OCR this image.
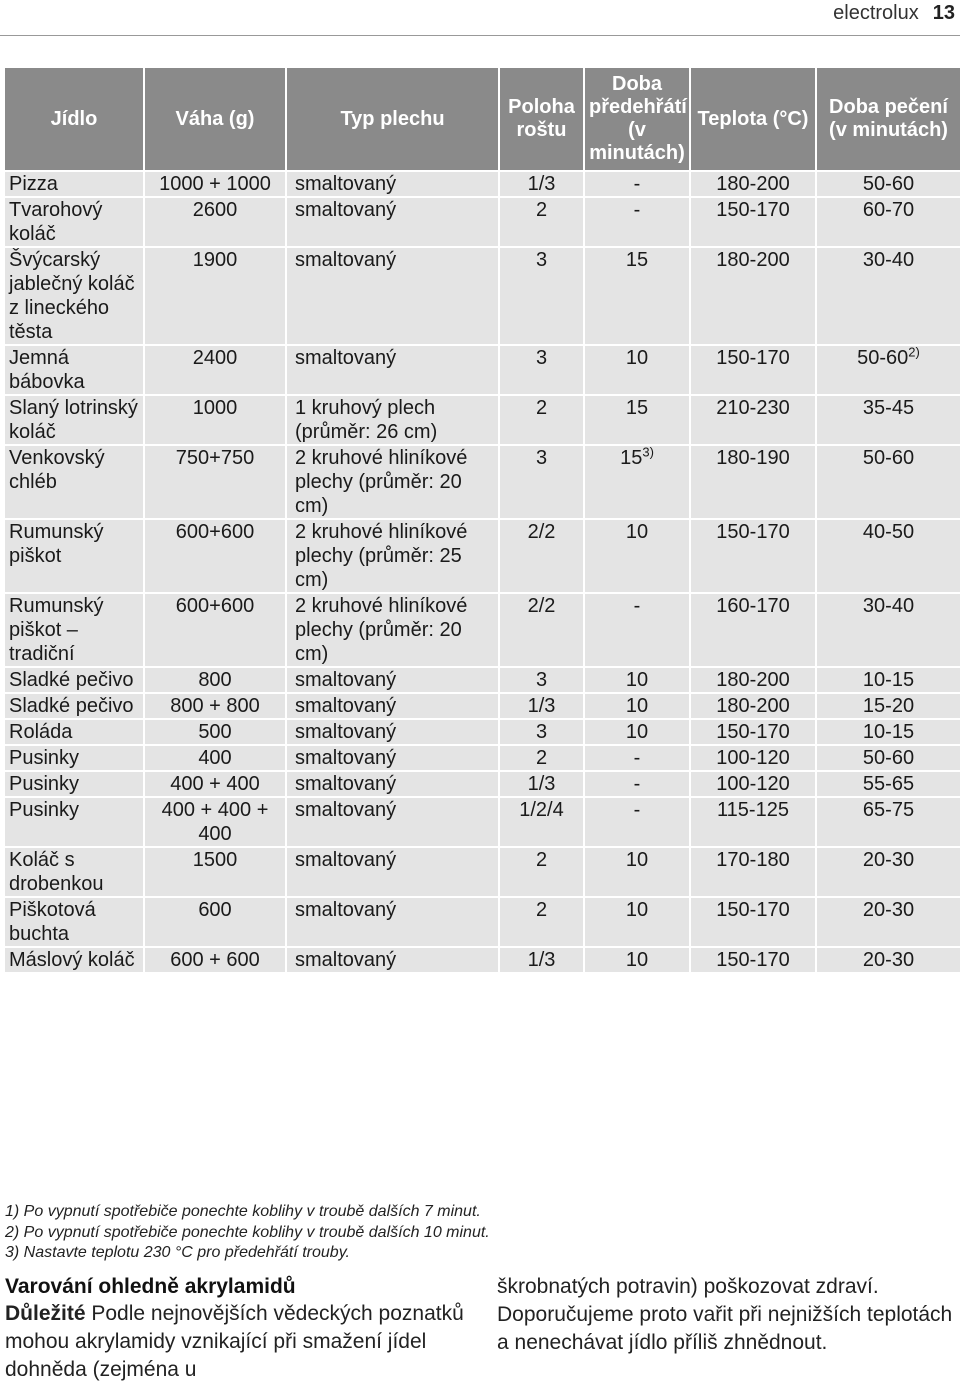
electrolux 13
Jídlo	Váha (g)	Typ plechu	Poloha roštu	Doba předehřátí (v minutách)	Teplota (°C)	Doba pečení (v minutách)
Pizza	1000 + 1000	smaltovaný	1/3	-	180-200	50-60
Tvarohový koláč	2600	smaltovaný	2	-	150-170	60-70
Švýcarský jablečný koláč z lineckého těsta	1900	smaltovaný	3	15	180-200	30-40
Jemná bábovka	2400	smaltovaný	3	10	150-170	50-60$^{2)}$
Slaný lotrinský koláč	1000	1 kruhový plech (průměr: 26 cm)	2	15	210-230	35-45
Venkovský chléb	750+750	2 kruhové hliníkové plechy (průměr: 20 cm)	3	15$^{3)}$	180-190	50-60
Rumunský piškot	600+600	2 kruhové hliníkové plechy (průměr: 25 cm)	2/2	10	150-170	40-50
Rumunský piškot – tradiční	600+600	2 kruhové hliníkové plechy (průměr: 20 cm)	2/2	-	160-170	30-40
Sladké pečivo	800	smaltovaný	3	10	180-200	10-15
Sladké pečivo	800 + 800	smaltovaný	1/3	10	180-200	15-20
Roláda	500	smaltovaný	3	10	150-170	10-15
Pusinky	400	smaltovaný	2	-	100-120	50-60
Pusinky	400 + 400	smaltovaný	1/3	-	100-120	55-65
Pusinky	400 + 400 + 400	smaltovaný	1/2/4	-	115-125	65-75
Koláč s drobenkou	1500	smaltovaný	2	10	170-180	20-30
Piškotová buchta	600	smaltovaný	2	10	150-170	20-30
Máslový koláč	600 + 600	smaltovaný	1/3	10	150-170	20-30
1) Po vypnutí spotřebiče ponechte koblihy v troubě dalších 7 minut.
2) Po vypnutí spotřebiče ponechte koblihy v troubě dalších 10 minut.
3) Nastavte teplotu 230 °C pro předehřátí trouby.
Varování ohledně akrylamidů
Důležité Podle nejnovějších vědeckých poznatků mohou akrylamidy vznikající při smažení jídel dohněda (zejména u
škrobnatých potravin) poškozovat zdraví. Doporučujeme proto vařit při nejnižších teplotách a nenechávat jídlo příliš zhnědnout.
